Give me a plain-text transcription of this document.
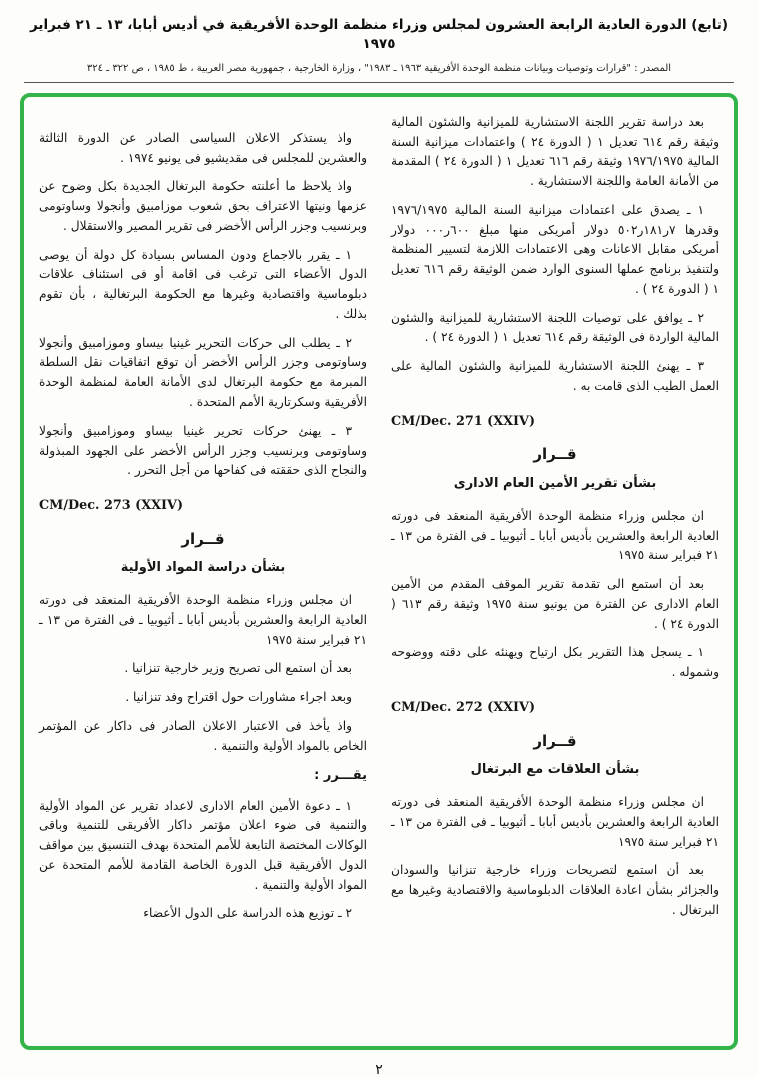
(تابع) الدورة العادية الرابعة العشرون لمجلس وزراء منظمة الوحدة الأفريقية في أديس أبابا، ١٣ ـ ٢١ فبراير ١٩٧٥
المصدر : "قرارات وتوصيات وبيانات منظمة الوحدة الأفريقية ١٩٦٣ ـ ١٩٨٣" ، وزارة الخارجية ، جمهورية مصر العربية ، ط ١٩٨٥ ، ص ٣٢٢ ـ ٣٢٤

بعد دراسة تقرير اللجنة الاستشارية للميزانية والشئون المالية وثيقة رقم ٦١٤ تعديل ١ ( الدورة ٢٤ ) واعتمادات ميزانية السنة المالية ١٩٧٦/١٩٧٥ وثيقة رقم ٦١٦ تعديل ١ ( الدورة ٢٤ ) المقدمة من الأمانة العامة واللجنة الاستشارية .

١ ـ يصدق على اعتمادات ميزانية السنة المالية ١٩٧٦/١٩٧٥ وقدرها ٧ر١٨١ر٥٠٢ دولار أمريكى منها مبلغ ٦٠٠ر٠٠٠ دولار أمريكى مقابل الاعانات وهى الاعتمادات اللازمة لتسيير المنظمة ولتنفيذ برنامج عملها السنوى الوارد ضمن الوثيقة رقم ٦١٦ تعديل ١ ( الدورة ٢٤ ) .

٢ ـ يوافق على توصيات اللجنة الاستشارية للميزانية والشئون المالية الواردة فى الوثيقة رقم ٦١٤ تعديل ١ ( الدورة ٢٤ ) .

٣ ـ يهنئ اللجنة الاستشارية للميزانية والشئون المالية على العمل الطيب الذى قامت به .

CM/Dec. 271 (XXIV)

قــرار

بشأن تقرير الأمين العام الادارى

ان مجلس وزراء منظمة الوحدة الأفريقية المنعقد فى دورته العادية الرابعة والعشرين بأديس أبابا ـ أثيوبيا ـ فى الفترة من ١٣ ـ ٢١ فبراير سنة ١٩٧٥

بعد أن استمع الى تقدمة تقرير الموقف المقدم من الأمين العام الادارى عن الفترة من يونيو سنة ١٩٧٥ وثيقة رقم ٦١٣ ( الدورة ٢٤ ) .

١ ـ يسجل هذا التقرير بكل ارتياح ويهنئه على دقته ووضوحه وشموله .

CM/Dec. 272 (XXIV)

قــرار

بشأن العلاقات مع البرتغال

ان مجلس وزراء منظمة الوحدة الأفريقية المنعقد فى دورته العادية الرابعة والعشرين بأديس أبابا ـ أثيوبيا ـ فى الفترة من ١٣ ـ ٢١ فبراير سنة ١٩٧٥

بعد أن استمع لتصريحات وزراء خارجية تنزانيا والسودان والجزائر بشأن اعادة العلاقات الدبلوماسية والاقتصادية وغيرها مع البرتغال .

واذ يستذكر الاعلان السياسى الصادر عن الدورة الثالثة والعشرين للمجلس فى مقديشيو فى يونيو ١٩٧٤ .

واذ يلاحظ ما أعلنته حكومة البرتغال الجديدة بكل وضوح عن عزمها ونيتها الاعتراف بحق شعوب موزامبيق وأنجولا وساوتومى وبرنسيب وجزر الرأس الأخضر فى تقرير المصير والاستقلال .

١ ـ يقرر بالاجماع ودون المساس بسيادة كل دولة أن يوصى الدول الأعضاء التى ترغب فى اقامة أو فى استئناف علاقات دبلوماسية واقتصادية وغيرها مع الحكومة البرتغالية ، بأن تقوم بذلك .

٢ ـ يطلب الى حركات التحرير غينيا بيساو وموزامبيق وأنجولا وساوتومى وجزر الرأس الأخضر أن توقع اتفاقيات نقل السلطة المبرمة مع حكومة البرتغال لدى الأمانة العامة لمنظمة الوحدة الأفريقية وسكرتارية الأمم المتحدة .

٣ ـ يهنئ حركات تحرير غينيا بيساو وموزامبيق وأنجولا وساوتومى وبرنسيب وجزر الرأس الأخضر على الجهود المبذولة والنجاح الذى حققته فى كفاحها من أجل التحرر .

CM/Dec. 273 (XXIV)

قــرار

بشأن دراسة المواد الأولية

ان مجلس وزراء منظمة الوحدة الأفريقية المنعقد فى دورته العادية الرابعة والعشرين بأديس أبابا ـ أثيوبيا ـ فى الفترة من ١٣ ـ ٢١ فبراير سنة ١٩٧٥

بعد أن استمع الى تصريح وزير خارجية تنزانيا .

وبعد اجراء مشاورات حول اقتراح وفد تنزانيا .

واذ يأخذ فى الاعتبار الاعلان الصادر فى داكار عن المؤتمر الخاص بالمواد الأولية والتنمية .

يقـــرر :

١ ـ دعوة الأمين العام الادارى لاعداد تقرير عن المواد الأولية والتنمية فى ضوء اعلان مؤتمر داكار الأفريقى للتنمية وباقى الوكالات المختصة التابعة للأمم المتحدة بهدف التنسيق بين مواقف الدول الأفريقية قبل الدورة الخاصة القادمة للأمم المتحدة عن المواد الأولية والتنمية .

٢ ـ توزيع هذه الدراسة على الدول الأعضاء

٢
